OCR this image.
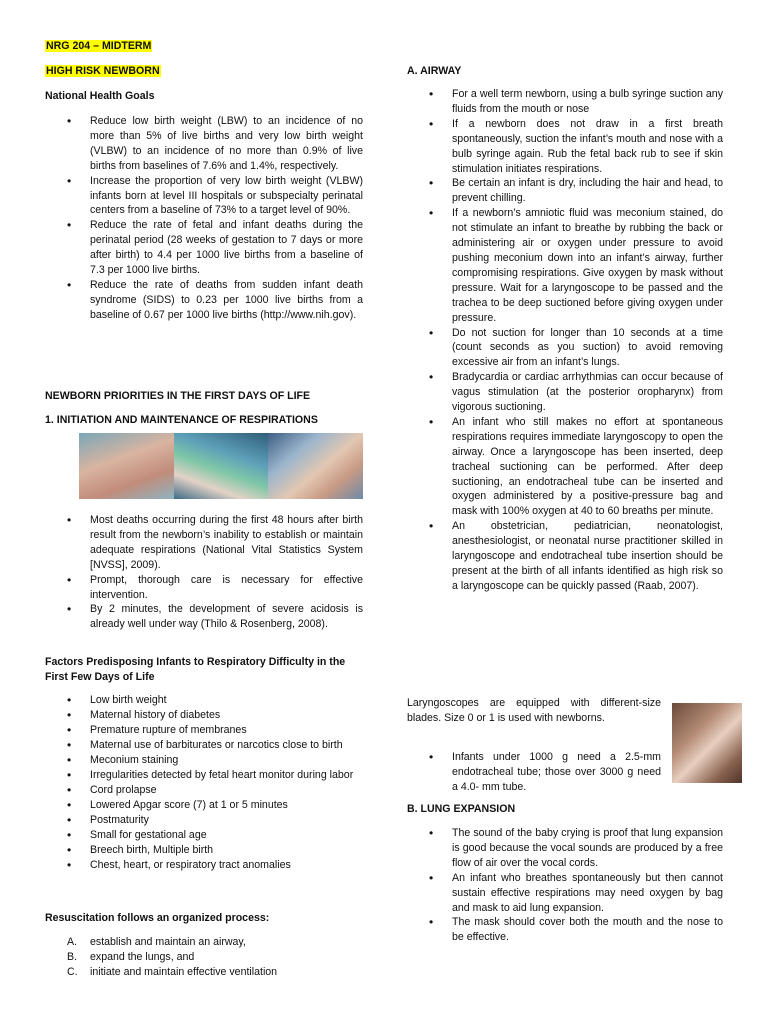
NRG 204 – MIDTERM
HIGH RISK NEWBORN
National Health Goals
• Reduce low birth weight (LBW) to an incidence of no more than 5% of live births and very low birth weight (VLBW) to an incidence of no more than 0.9% of live births from baselines of 7.6% and 1.4%, respectively.
• Increase the proportion of very low birth weight (VLBW) infants born at level III hospitals or subspecialty perinatal centers from a baseline of 73% to a target level of 90%.
• Reduce the rate of fetal and infant deaths during the perinatal period (28 weeks of gestation to 7 days or more after birth) to 4.4 per 1000 live births from a baseline of 7.3 per 1000 live births.
• Reduce the rate of deaths from sudden infant death syndrome (SIDS) to 0.23 per 1000 live births from a baseline of 0.67 per 1000 live births (http://www.nih.gov).
NEWBORN PRIORITIES IN THE FIRST DAYS OF LIFE
1. INITIATION AND MAINTENANCE OF RESPIRATIONS
• Most deaths occurring during the first 48 hours after birth result from the newborn’s inability to establish or maintain adequate respirations (National Vital Statistics System [NVSS], 2009).
• Prompt, thorough care is necessary for effective intervention.
• By 2 minutes, the development of severe acidosis is already well under way (Thilo & Rosenberg, 2008).
Factors Predisposing Infants to Respiratory Difficulty in the First Few Days of Life
• Low birth weight
• Maternal history of diabetes
• Premature rupture of membranes
• Maternal use of barbiturates or narcotics close to birth
• Meconium staining
• Irregularities detected by fetal heart monitor during labor
• Cord prolapse
• Lowered Apgar score (7) at 1 or 5 minutes
• Postmaturity
• Small for gestational age
• Breech birth, Multiple birth
• Chest, heart, or respiratory tract anomalies
Resuscitation follows an organized process:
A. establish and maintain an airway,
B. expand the lungs, and
C. initiate and maintain effective ventilation
A. AIRWAY
• For a well term newborn, using a bulb syringe suction any fluids from the mouth or nose
• If a newborn does not draw in a first breath spontaneously, suction the infant’s mouth and nose with a bulb syringe again. Rub the fetal back rub to see if skin stimulation initiates respirations.
• Be certain an infant is dry, including the hair and head, to prevent chilling.
• If a newborn’s amniotic fluid was meconium stained, do not stimulate an infant to breathe by rubbing the back or administering air or oxygen under pressure to avoid pushing meconium down into an infant’s airway, further compromising respirations. Give oxygen by mask without pressure. Wait for a laryngoscope to be passed and the trachea to be deep suctioned before giving oxygen under pressure.
• Do not suction for longer than 10 seconds at a time (count seconds as you suction) to avoid removing excessive air from an infant’s lungs.
• Bradycardia or cardiac arrhythmias can occur because of vagus stimulation (at the posterior oropharynx) from vigorous suctioning.
• An infant who still makes no effort at spontaneous respirations requires immediate laryngoscopy to open the airway. Once a laryngoscope has been inserted, deep tracheal suctioning can be performed. After deep suctioning, an endotracheal tube can be inserted and oxygen administered by a positive-pressure bag and mask with 100% oxygen at 40 to 60 breaths per minute.
• An obstetrician, pediatrician, neonatologist, anesthesiologist, or neonatal nurse practitioner skilled in laryngoscope and endotracheal tube insertion should be present at the birth of all infants identified as high risk so a laryngoscope can be quickly passed (Raab, 2007).

Laryngoscopes are equipped with different-size blades. Size 0 or 1 is used with newborns.

• Infants under 1000 g need a 2.5-mm endotracheal tube; those over 3000 g need a 4.0- mm tube.
B. LUNG EXPANSION
• The sound of the baby crying is proof that lung expansion is good because the vocal sounds are produced by a free flow of air over the vocal cords.
• An infant who breathes spontaneously but then cannot sustain effective respirations may need oxygen by bag and mask to aid lung expansion.
• The mask should cover both the mouth and the nose to be effective.
